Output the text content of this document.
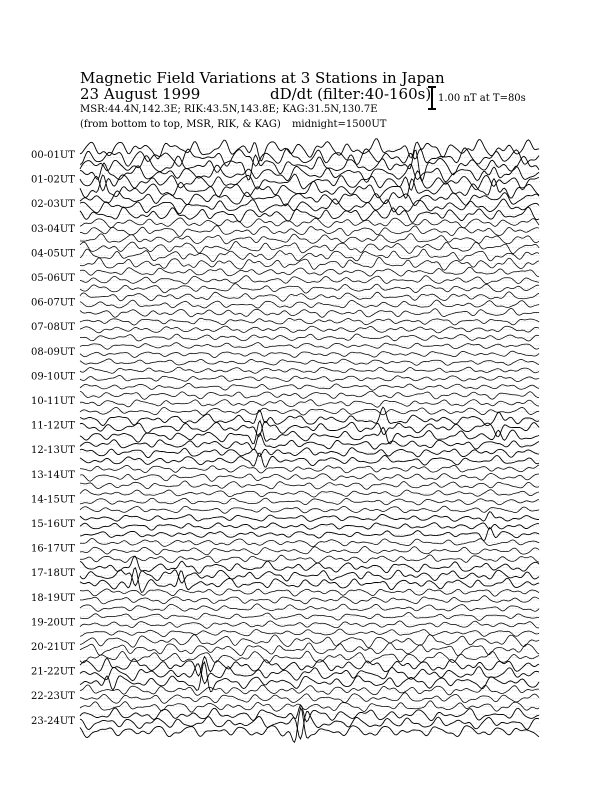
Magnetic Field Variations at 3 Stations in Japan
23 August 1999	dD/dt (filter:40-160s)
MSR:44.4N,142.3E; RIK:43.5N,143.8E; KAG:31.5N,130.7E
(from bottom to top, MSR, RIK, & KAG) midnight=1500UT
1.00 nT at T=80s
00-01UT
01-02UT
02-03UT
03-04UT
04-05UT
05-06UT
06-07UT
07-08UT
08-09UT
09-10UT
10-11UT
11-12UT
12-13UT
13-14UT
14-15UT
15-16UT
16-17UT
17-18UT
18-19UT
19-20UT
20-21UT
21-22UT
22-23UT
23-24UT
